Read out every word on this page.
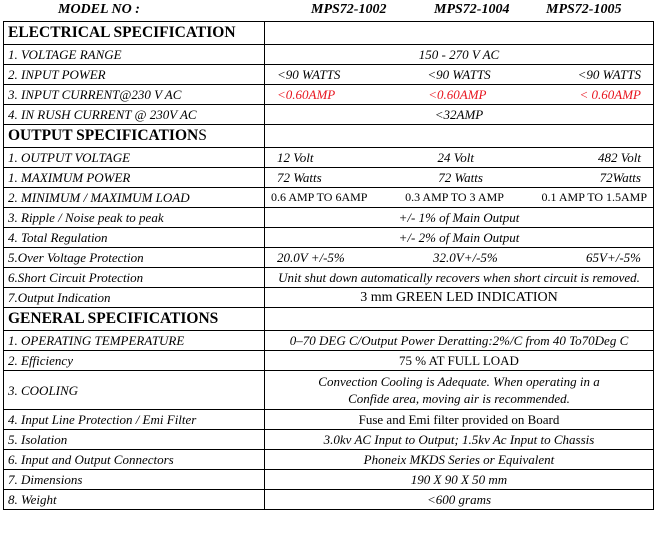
MODEL NO :	MPS72-1002	MPS72-1004	MPS72-1005
ELECTRICAL SPECIFICATION	
1. VOLTAGE RANGE	150 - 270 V AC
2. INPUT POWER	<90 WATTS <90 WATTS <90 WATTS

3. INPUT CURRENT@230 V AC	<0.60AMP <0.60AMP < 0.60AMP

4. IN RUSH CURRENT @ 230V AC	<32AMP
OUTPUT SPECIFICATIONS	
1. OUTPUT VOLTAGE	12 Volt 24 Volt 482 Volt

1. MAXIMUM POWER	72 Watts 72 Watts 72Watts

2. MINIMUM / MAXIMUM LOAD	0.6 AMP TO 6AMP 0.3 AMP TO 3 AMP 0.1 AMP TO 1.5AMP

3. Ripple / Noise peak to peak	+/- 1% of Main Output
4. Total Regulation	+/- 2% of Main Output
5.Over Voltage Protection	20.0V +/-5% 32.0V+/-5% 65V+/-5%

6.Short Circuit Protection	Unit shut down automatically recovers when short circuit is removed.
7.Output Indication	3 mm GREEN LED INDICATION
GENERAL SPECIFICATIONS	
1. OPERATING TEMPERATURE	0–70 DEG C/Output Power Deratting:2%/C from 40 To70Deg C
2. Efficiency	75 % AT FULL LOAD
3. COOLING	Convection Cooling is Adequate. When operating in a
Confide area, moving air is recommended.

4. Input Line Protection / Emi Filter	Fuse and Emi filter provided on Board
5. Isolation	3.0kv AC Input to Output; 1.5kv Ac Input to Chassis
6. Input and Output Connectors	Phoneix MKDS Series or Equivalent
7. Dimensions	190 X 90 X 50 mm
8. Weight	<600 grams
